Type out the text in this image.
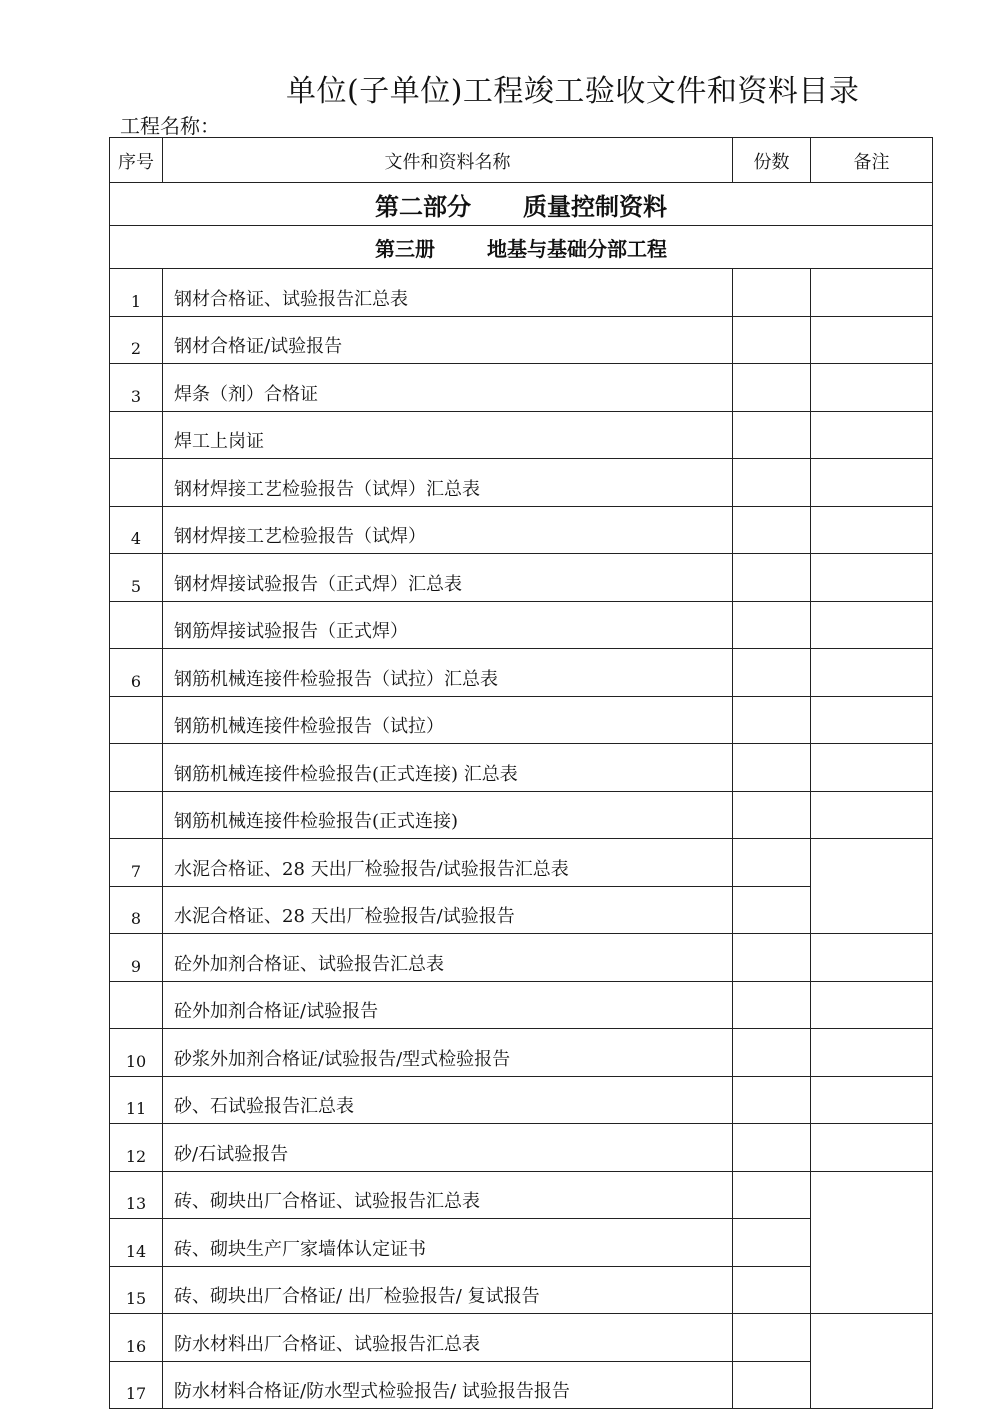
单位(子单位)工程竣工验收文件和资料目录
工程名称：
序号	文件和资料名称	份数	备注
第二部分 质量控制资料			
第三册 地基与基础分部工程			
1	钢材合格证、试验报告汇总表		
2	钢材合格证/试验报告		
3	焊条（剂）合格证		
	焊工上岗证		
	钢材焊接工艺检验报告（试焊）汇总表		
4	钢材焊接工艺检验报告（试焊）		
5	钢材焊接试验报告（正式焊）汇总表		
	钢筋焊接试验报告（正式焊）		
6	钢筋机械连接件检验报告（试拉）汇总表		
	钢筋机械连接件检验报告（试拉）		
	钢筋机械连接件检验报告(正式连接) 汇总表		
	钢筋机械连接件检验报告(正式连接)		
7	水泥合格证、28 天出厂检验报告/试验报告汇总表		
8	水泥合格证、28 天出厂检验报告/试验报告		
9	砼外加剂合格证、试验报告汇总表		
	砼外加剂合格证/试验报告		
10	砂浆外加剂合格证/试验报告/型式检验报告		
11	砂、石试验报告汇总表		
12	砂/石试验报告		
13	砖、砌块出厂合格证、试验报告汇总表		
14	砖、砌块生产厂家墙体认定证书		
15	砖、砌块出厂合格证/ 出厂检验报告/ 复试报告		
16	防水材料出厂合格证、试验报告汇总表		
17	防水材料合格证/防水型式检验报告/ 试验报告报告		
